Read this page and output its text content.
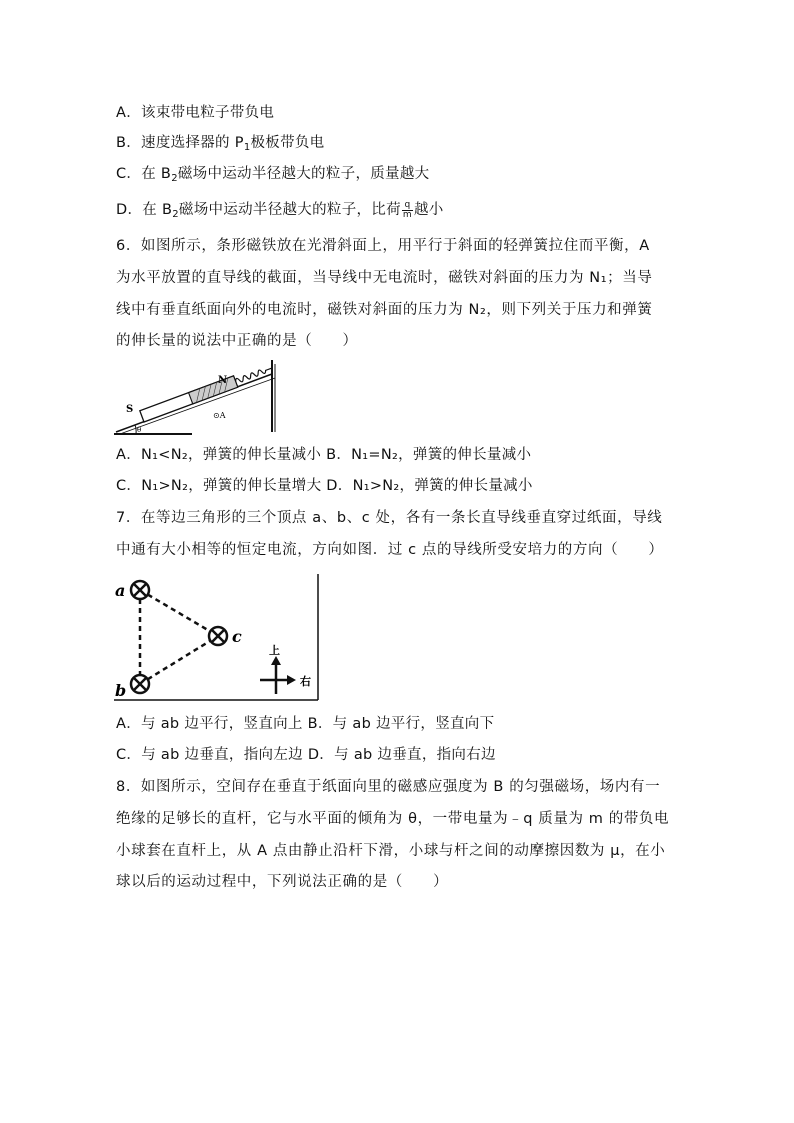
A．该束带电粒子带负电
B．速度选择器的 $P_1$极板带负电
C．在 $B_2$磁场中运动半径越大的粒子，质量越大
D．在 $B_2$磁场中运动半径越大的粒子，比荷 $\frac{q}{m}$ 越小
6．如图所示，条形磁铁放在光滑斜面上，用平行于斜面的轻弹簧拉住而平衡，A
为水平放置的直导线的截面，当导线中无电流时，磁铁对斜面的压力为 N₁；当导
线中有垂直纸面向外的电流时，磁铁对斜面的压力为 N₂，则下列关于压力和弹簧
的伸长量的说法中正确的是（　　）
S
N
θ
⊙A
A．N₁<N₂，弹簧的伸长量减小 B．N₁=N₂，弹簧的伸长量减小
C．N₁>N₂，弹簧的伸长量增大 D．N₁>N₂，弹簧的伸长量减小
7．在等边三角形的三个顶点 a、b、c 处，各有一条长直导线垂直穿过纸面，导线
中通有大小相等的恒定电流，方向如图．过 c 点的导线所受安培力的方向（　　）
a
b
c
上
右
A．与 ab 边平行，竖直向上 B．与 ab 边平行，竖直向下
C．与 ab 边垂直，指向左边 D．与 ab 边垂直，指向右边
8．如图所示，空间存在垂直于纸面向里的磁感应强度为 B 的匀强磁场，场内有一
绝缘的足够长的直杆，它与水平面的倾角为 θ，一带电量为﹣q 质量为 m 的带负电
小球套在直杆上，从 A 点由静止沿杆下滑，小球与杆之间的动摩擦因数为 μ，在小
球以后的运动过程中，下列说法正确的是（　　）
